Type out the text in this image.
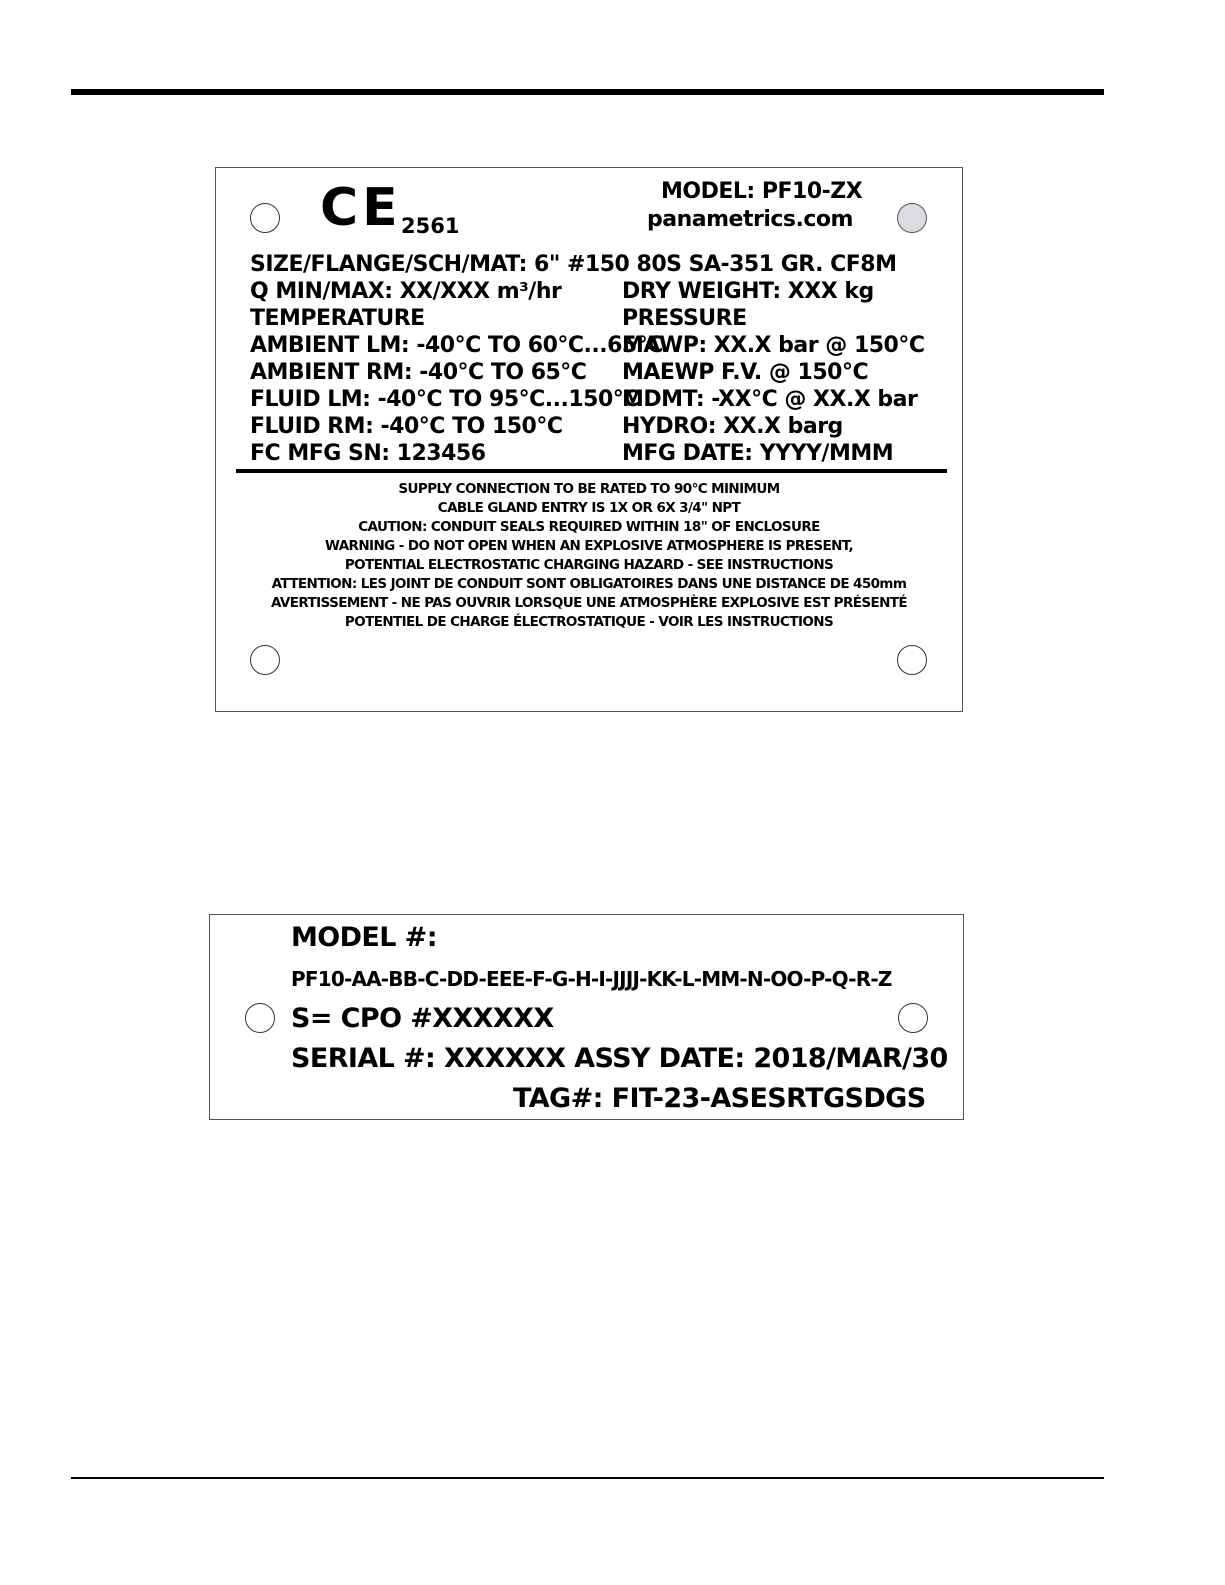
CE 2561
MODEL: PF10-ZX
panametrics.com
SIZE/FLANGE/SCH/MAT: 6" #150 80S SA-351 GR. CF8M
Q MIN/MAX: XX/XXX m³/hr
TEMPERATURE
AMBIENT LM: -40°C TO 60°C...65°C
AMBIENT RM: -40°C TO 65°C
FLUID LM: -40°C TO 95°C...150°C
FLUID RM: -40°C TO 150°C
FC MFG SN: 123456
DRY WEIGHT: XXX kg
PRESSURE
MAWP: XX.X bar @ 150°C
MAEWP F.V. @ 150°C
MDMT: -XX°C @ XX.X bar
HYDRO: XX.X barg
MFG DATE: YYYY/MMM
SUPPLY CONNECTION TO BE RATED TO 90°C MINIMUM
CABLE GLAND ENTRY IS 1X OR 6X 3/4" NPT
CAUTION: CONDUIT SEALS REQUIRED WITHIN 18" OF ENCLOSURE
WARNING - DO NOT OPEN WHEN AN EXPLOSIVE ATMOSPHERE IS PRESENT,
POTENTIAL ELECTROSTATIC CHARGING HAZARD - SEE INSTRUCTIONS
ATTENTION: LES JOINT DE CONDUIT SONT OBLIGATOIRES DANS UNE DISTANCE DE 450mm
AVERTISSEMENT - NE PAS OUVRIR LORSQUE UNE ATMOSPHÈRE EXPLOSIVE EST PRÉSENTÉ
POTENTIEL DE CHARGE ÉLECTROSTATIQUE - VOIR LES INSTRUCTIONS
MODEL #:
PF10-AA-BB-C-DD-EEE-F-G-H-I-JJJJ-KK-L-MM-N-OO-P-Q-R-Z
S= CPO #XXXXXX
SERIAL #: XXXXXX ASSY DATE: 2018/MAR/30
TAG#: FIT-23-ASESRTGSDGS
